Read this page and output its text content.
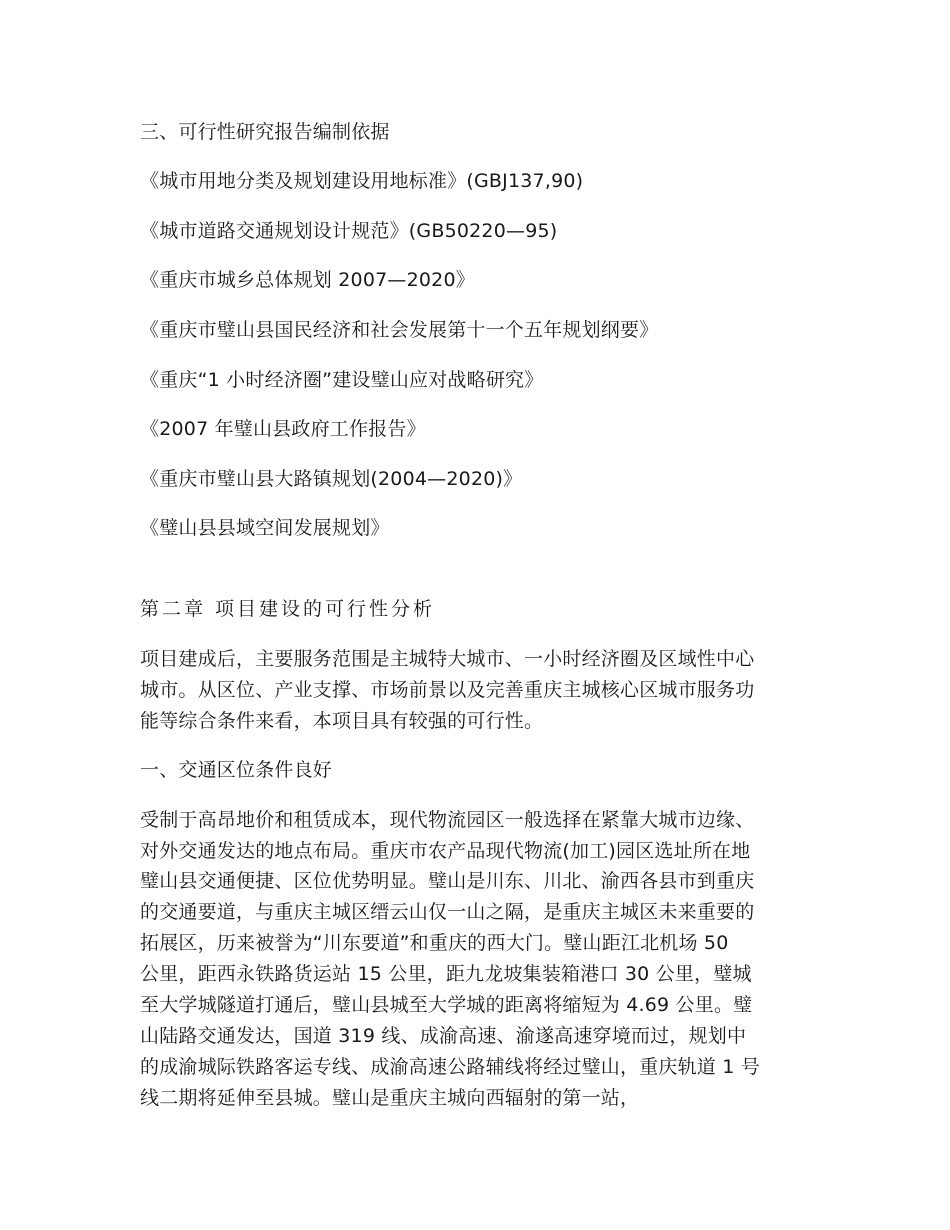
三、可行性研究报告编制依据
《城市用地分类及规划建设用地标准》(GBJ137,90)
《城市道路交通规划设计规范》(GB50220—95)
《重庆市城乡总体规划 2007—2020》
《重庆市璧山县国民经济和社会发展第十一个五年规划纲要》
《重庆“1 小时经济圈”建设璧山应对战略研究》
《2007 年璧山县政府工作报告》
《重庆市璧山县大路镇规划(2004—2020)》
《璧山县县域空间发展规划》
第二章 项目建设的可行性分析
项目建成后，主要服务范围是主城特大城市、一小时经济圈及区域性中心
城市。从区位、产业支撑、市场前景以及完善重庆主城核心区城市服务功
能等综合条件来看，本项目具有较强的可行性。
一、交通区位条件良好
受制于高昂地价和租赁成本，现代物流园区一般选择在紧靠大城市边缘、
对外交通发达的地点布局。重庆市农产品现代物流(加工)园区选址所在地
璧山县交通便捷、区位优势明显。璧山是川东、川北、渝西各县市到重庆
的交通要道，与重庆主城区缙云山仅一山之隔，是重庆主城区未来重要的
拓展区，历来被誉为“川东要道”和重庆的西大门。璧山距江北机场 50
公里，距西永铁路货运站 15 公里，距九龙坡集装箱港口 30 公里，璧城
至大学城隧道打通后，璧山县城至大学城的距离将缩短为 4.69 公里。璧
山陆路交通发达，国道 319 线、成渝高速、渝遂高速穿境而过，规划中
的成渝城际铁路客运专线、成渝高速公路辅线将经过璧山，重庆轨道 1 号
线二期将延伸至县城。璧山是重庆主城向西辐射的第一站，
